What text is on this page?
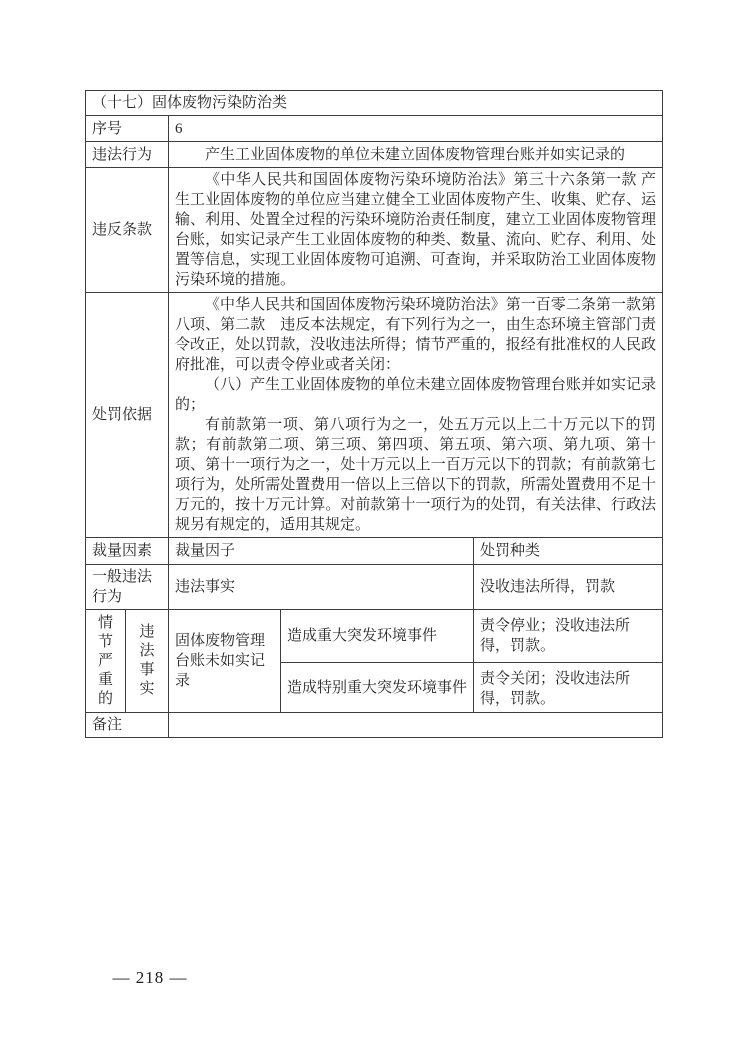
（十七）固体废物污染防治类				
序号		6		
违法行为		产生工业固体废物的单位未建立固体废物管理台账并如实记录的		

违反条款		《中华人民共和国固体废物污染环境防治法》第三十六条第一款 产生工业固体废物的单位应当建立健全工业固体废物产生、收集、贮存、运输、利用、处置全过程的污染环境防治责任制度，建立工业固体废物管理台账，如实记录产生工业固体废物的种类、数量、流向、贮存、利用、处置等信息，实现工业固体废物可追溯、可查询，并采取防治工业固体废物污染环境的措施。		

处罚依据		《中华人民共和国固体废物污染环境防治法》第一百零二条第一款第八项、第二款　违反本法规定，有下列行为之一，由生态环境主管部门责令改正，处以罚款，没收违法所得；情节严重的，报经有批准权的人民政府批准，可以责令停业或者关闭：
（八）产生工业固体废物的单位未建立固体废物管理台账并如实记录的；
有前款第一项、第八项行为之一，处五万元以上二十万元以下的罚款；有前款第二项、第三项、第四项、第五项、第六项、第九项、第十项、第十一项行为之一，处十万元以上一百万元以下的罚款；有前款第七项行为，处所需处置费用一倍以上三倍以下的罚款，所需处置费用不足十万元的，按十万元计算。对前款第十一项行为的处罚，有关法律、行政法规另有规定的，适用其规定。		

裁量因素		裁量因子		处罚种类

一般违法行为		违法事实		没收违法所得，罚款

情节严重的	违法事实	固体废物管理台账未如实记录	造成重大突发环境事件	责令停业；没收违法所得，罚款。

			造成特别重大突发环境事件	责令关闭；没收违法所得，罚款。

备注				
— 218 —
